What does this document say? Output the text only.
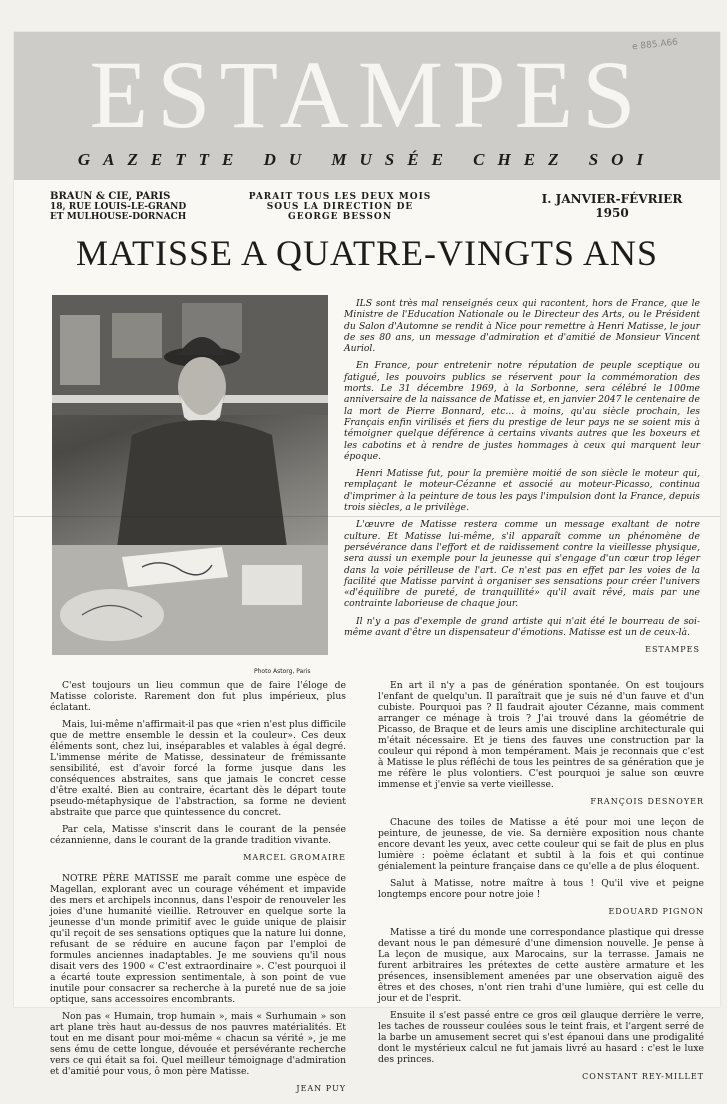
ESTAMPES
GAZETTE DU MUSÉE CHEZ SOI
e 885.A66
BRAUN & CIE, PARIS
18, RUE LOUIS-LE-GRAND
ET MULHOUSE-DORNACH
PARAIT TOUS LES DEUX MOIS
SOUS LA DIRECTION DE GEORGE BESSON
I. JANVIER-FÉVRIER
1950
MATISSE A QUATRE-VINGTS ANS
Photo Astorg, Paris

ILS sont très mal renseignés ceux qui racontent, hors de France, que le Ministre de l'Education Nationale ou le Directeur des Arts, ou le Président du Salon d'Automne se rendit à Nice pour remettre à Henri Matisse, le jour de ses 80 ans, un message d'admiration et d'amitié de Monsieur Vincent Auriol.

En France, pour entretenir notre réputation de peuple sceptique ou fatigué, les pouvoirs publics se réservent pour la commémoration des morts. Le 31 décembre 1969, à la Sorbonne, sera célébré le 100me anniversaire de la naissance de Matisse et, en janvier 2047 le centenaire de la mort de Pierre Bonnard, etc... à moins, qu'au siècle prochain, les Français enfin virilisés et fiers du prestige de leur pays ne se soient mis à témoigner quelque déférence à certains vivants autres que les boxeurs et les cabotins et à rendre de justes hommages à ceux qui marquent leur époque.

Henri Matisse fut, pour la première moitié de son siècle le moteur qui, remplaçant le moteur-Cézanne et associé au moteur-Picasso, continua d'imprimer à la peinture de tous les pays l'impulsion dont la France, depuis trois siècles, a le privilège.

L'œuvre de Matisse restera comme un message exaltant de notre culture. Et Matisse lui-même, s'il apparaît comme un phénomène de persévérance dans l'effort et de raidissement contre la vieillesse physique, sera aussi un exemple pour la jeunesse qui s'engage d'un cœur trop léger dans la voie périlleuse de l'art. Ce n'est pas en effet par les voies de la facilité que Matisse parvint à organiser ses sensations pour créer l'univers «d'équilibre de pureté, de tranquillité» qu'il avait rêvé, mais par une contrainte laborieuse de chaque jour.

Il n'y a pas d'exemple de grand artiste qui n'ait été le bourreau de soi-même avant d'être un dispensateur d'émotions. Matisse est un de ceux-là.

ESTAMPES

C'est toujours un lieu commun que de faire l'éloge de Matisse coloriste. Rarement don fut plus impérieux, plus éclatant.

Mais, lui-même n'affirmait-il pas que «rien n'est plus difficile que de mettre ensemble le dessin et la couleur». Ces deux éléments sont, chez lui, inséparables et valables à égal degré. L'immense mérite de Matisse, dessinateur de frémissante sensibilité, est d'avoir forcé la forme jusque dans les conséquences abstraites, sans que jamais le concret cesse d'être exalté. Bien au contraire, écartant dès le départ toute pseudo-métaphysique de l'abstraction, sa forme ne devient abstraite que parce que quintessence du concret.

Par cela, Matisse s'inscrit dans le courant de la pensée cézannienne, dans le courant de la grande tradition vivante.

MARCEL GROMAIRE

NOTRE PÈRE MATISSE me paraît comme une espèce de Magellan, explorant avec un courage véhément et impavide des mers et archipels inconnus, dans l'espoir de renouveler les joies d'une humanité vieillie. Retrouver en quelque sorte la jeunesse d'un monde primitif avec le guide unique de plaisir qu'il reçoit de ses sensations optiques que la nature lui donne, refusant de se réduire en aucune façon par l'emploi de formules anciennes inadaptables. Je me souviens qu'il nous disait vers des 1900 « C'est extraordinaire ». C'est pourquoi il a écarté toute expression sentimentale, à son point de vue inutile pour consacrer sa recherche à la pureté nue de sa joie optique, sans accessoires encombrants.

Non pas « Humain, trop humain », mais « Surhumain » son art plane très haut au-dessus de nos pauvres matérialités. Et tout en me disant pour moi-même « chacun sa vérité », je me sens ému de cette longue, dévouée et persévérante recherche vers ce qui était sa foi. Quel meilleur témoignage d'admiration et d'amitié pour vous, ô mon père Matisse.

JEAN PUY

En art il n'y a pas de génération spontanée. On est toujours l'enfant de quelqu'un. Il paraîtrait que je suis né d'un fauve et d'un cubiste. Pourquoi pas ? Il faudrait ajouter Cézanne, mais comment arranger ce ménage à trois ? J'ai trouvé dans la géométrie de Picasso, de Braque et de leurs amis une discipline architecturale qui m'était nécessaire. Et je tiens des fauves une construction par la couleur qui répond à mon tempérament. Mais je reconnais que c'est à Matisse le plus réfléchi de tous les peintres de sa génération que je me réfère le plus volontiers. C'est pourquoi je salue son œuvre immense et j'envie sa verte vieillesse.

FRANÇOIS DESNOYER

Chacune des toiles de Matisse a été pour moi une leçon de peinture, de jeunesse, de vie. Sa dernière exposition nous chante encore devant les yeux, avec cette couleur qui se fait de plus en plus lumière : poème éclatant et subtil à la fois et qui continue génialement la peinture française dans ce qu'elle a de plus éloquent.

Salut à Matisse, notre maître à tous ! Qu'il vive et peigne longtemps encore pour notre joie !

EDOUARD PIGNON

Matisse a tiré du monde une correspondance plastique qui dresse devant nous le pan démesuré d'une dimension nouvelle. Je pense à La leçon de musique, aux Marocains, sur la terrasse. Jamais ne furent arbitraires les prétextes de cette austère armature et les présences, insensiblement amenées par une observation aiguë des êtres et des choses, n'ont rien trahi d'une lumière, qui est celle du jour et de l'esprit.

Ensuite il s'est passé entre ce gros œil glauque derrière le verre, les taches de rousseur coulées sous le teint frais, et l'argent serré de la barbe un amusement secret qui s'est épanoui dans une prodigalité dont le mystérieux calcul ne fut jamais livré au hasard : c'est le luxe des princes.

CONSTANT REY-MILLET
